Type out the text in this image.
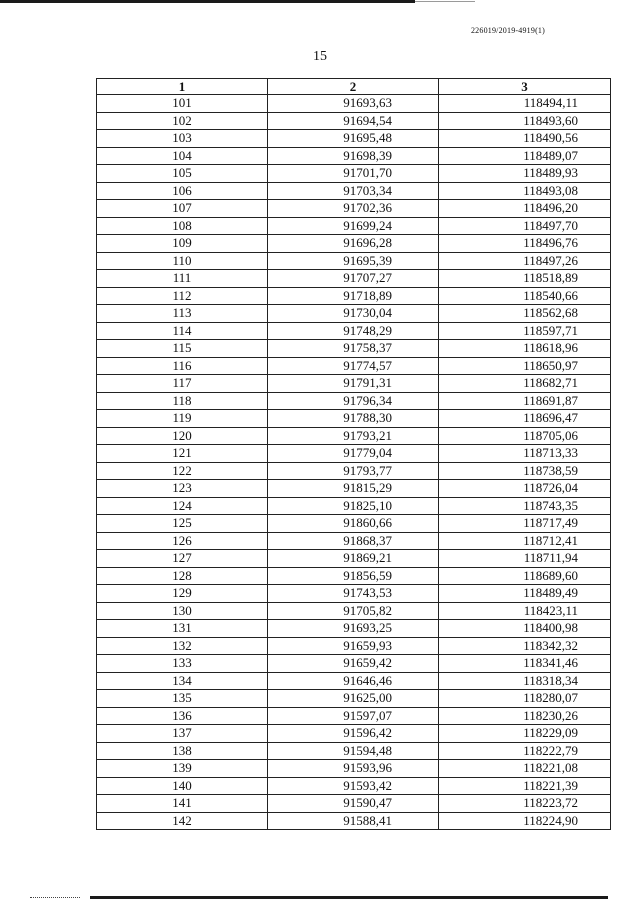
226019/2019-4919(1)
15
1	2	3
101	91693,63	118494,11
102	91694,54	118493,60
103	91695,48	118490,56
104	91698,39	118489,07
105	91701,70	118489,93
106	91703,34	118493,08
107	91702,36	118496,20
108	91699,24	118497,70
109	91696,28	118496,76
110	91695,39	118497,26
111	91707,27	118518,89
112	91718,89	118540,66
113	91730,04	118562,68
114	91748,29	118597,71
115	91758,37	118618,96
116	91774,57	118650,97
117	91791,31	118682,71
118	91796,34	118691,87
119	91788,30	118696,47
120	91793,21	118705,06
121	91779,04	118713,33
122	91793,77	118738,59
123	91815,29	118726,04
124	91825,10	118743,35
125	91860,66	118717,49
126	91868,37	118712,41
127	91869,21	118711,94
128	91856,59	118689,60
129	91743,53	118489,49
130	91705,82	118423,11
131	91693,25	118400,98
132	91659,93	118342,32
133	91659,42	118341,46
134	91646,46	118318,34
135	91625,00	118280,07
136	91597,07	118230,26
137	91596,42	118229,09
138	91594,48	118222,79
139	91593,96	118221,08
140	91593,42	118221,39
141	91590,47	118223,72
142	91588,41	118224,90
